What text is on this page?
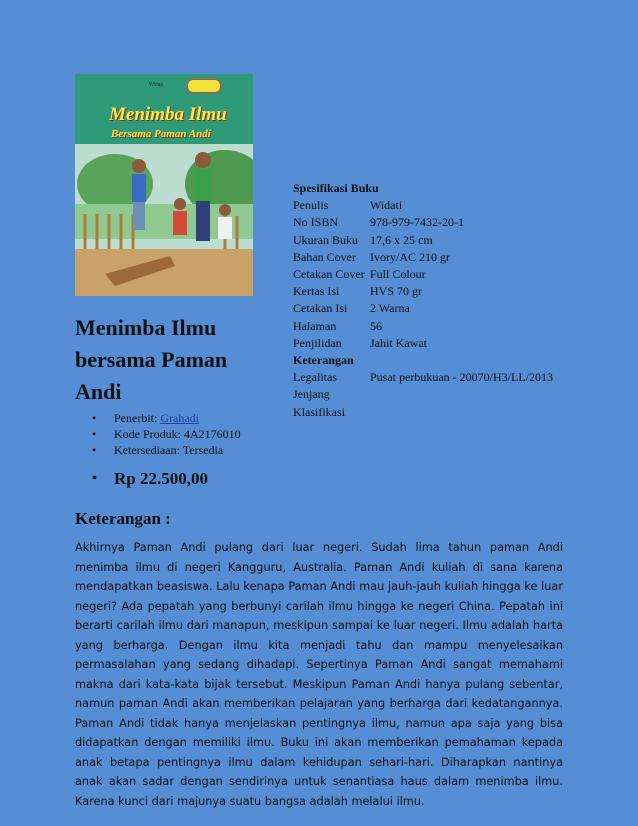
Widati
Menimba Ilmu
Bersama Paman Andi
Menimba Ilmu bersama Paman Andi
• Penerbit: Grahadi
• Kode Produk: 4A2176010
• Ketersediaan: Tersedia
• Rp 22.500,00
Keterangan :

Akhirnya Paman Andi pulang dari luar negeri. Sudah lima tahun paman Andi menimba ilmu di negeri Kangguru, Australia. Paman Andi kuliah di sana karena mendapatkan beasiswa. Lalu kenapa Paman Andi mau jauh-jauh kuliah hingga ke luar negeri? Ada pepatah yang berbunyi carilah ilmu hingga ke negeri China. Pepatah ini berarti carilah ilmu dari manapun, meskipun sampai ke luar negeri. Ilmu adalah harta yang berharga. Dengan ilmu kita menjadi tahu dan mampu menyelesaikan permasalahan yang sedang dihadapi. Sepertinya Paman Andi sangat memahami makna dari kata-kata bijak tersebut. Meskipun Paman Andi hanya pulang sebentar, namun paman Andi akan memberikan pelajaran yang berharga dari kedatangannya. Paman Andi tidak hanya menjelaskan pentingnya ilmu, namun apa saja yang bisa didapatkan dengan memiliki ilmu. Buku ini akan memberikan pemahaman kepada anak betapa pentingnya ilmu dalam kehidupan sehari-hari. Diharapkan nantinya anak akan sadar dengan sendirinya untuk senantiasa haus dalam menimba ilmu. Karena kunci dari majunya suatu bangsa adalah melalui ilmu.

Spesifikasi Buku	
Penulis	Widati
No ISBN	978-979-7432-20-1
Ukuran Buku	17,6 x 25 cm
Bahan Cover	Ivory/AC 210 gr
Cetakan Cover	Full Colour
Kertas Isi	HVS 70 gr
Cetakan Isi	2 Warna
Halaman	56
Penjilidan	Jahit Kawat
Keterangan	
Legalitas	Pusat perbukuan - 20070/H3/LL/2013
Jenjang	
Klasifikasi	
